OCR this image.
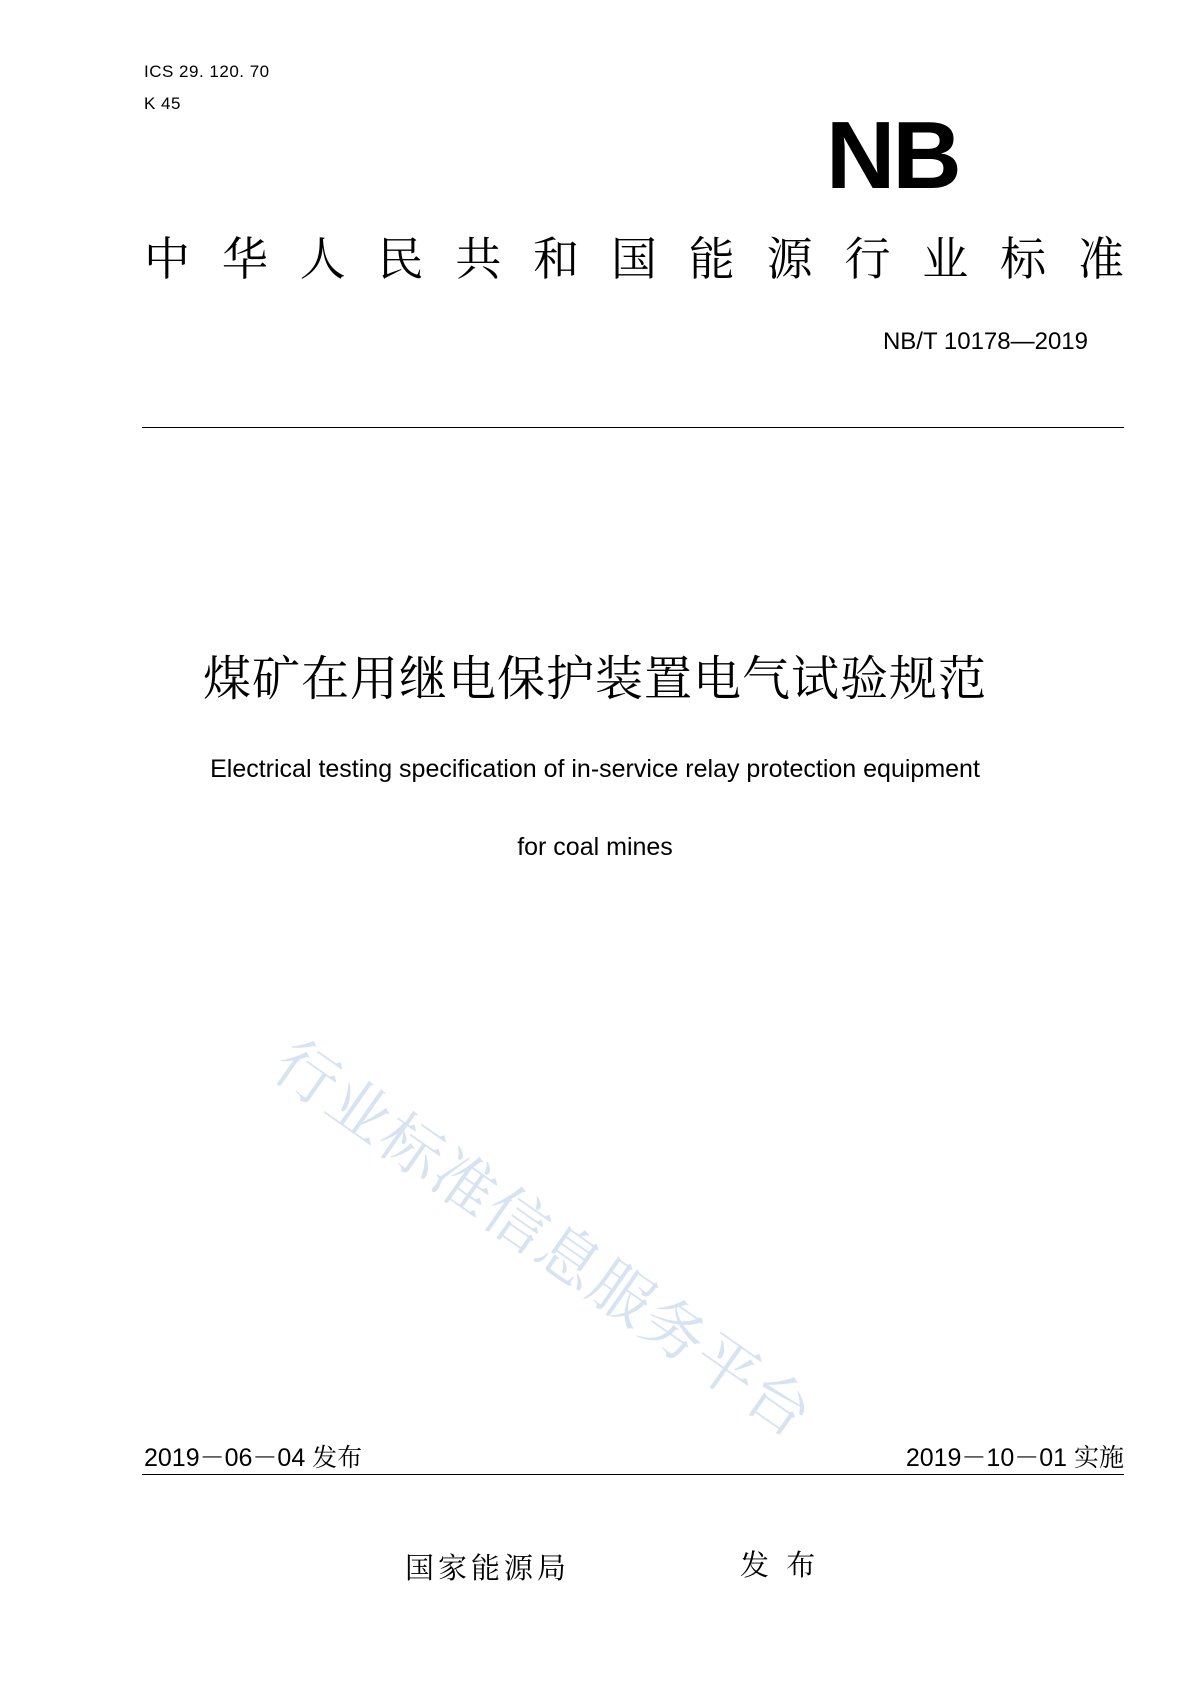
ICS 29. 120. 70
K 45	NB
中 华 人 民 共 和 国 能 源 行 业 标 准
NB/T 10178—2019
煤矿在用继电保护装置电气试验规范
Electrical testing specification of in-service relay protection equipment
for coal mines
行业标准信息服务平台
2019－06－04 发布	2019－10－01 实施
国家能源局	发 布
